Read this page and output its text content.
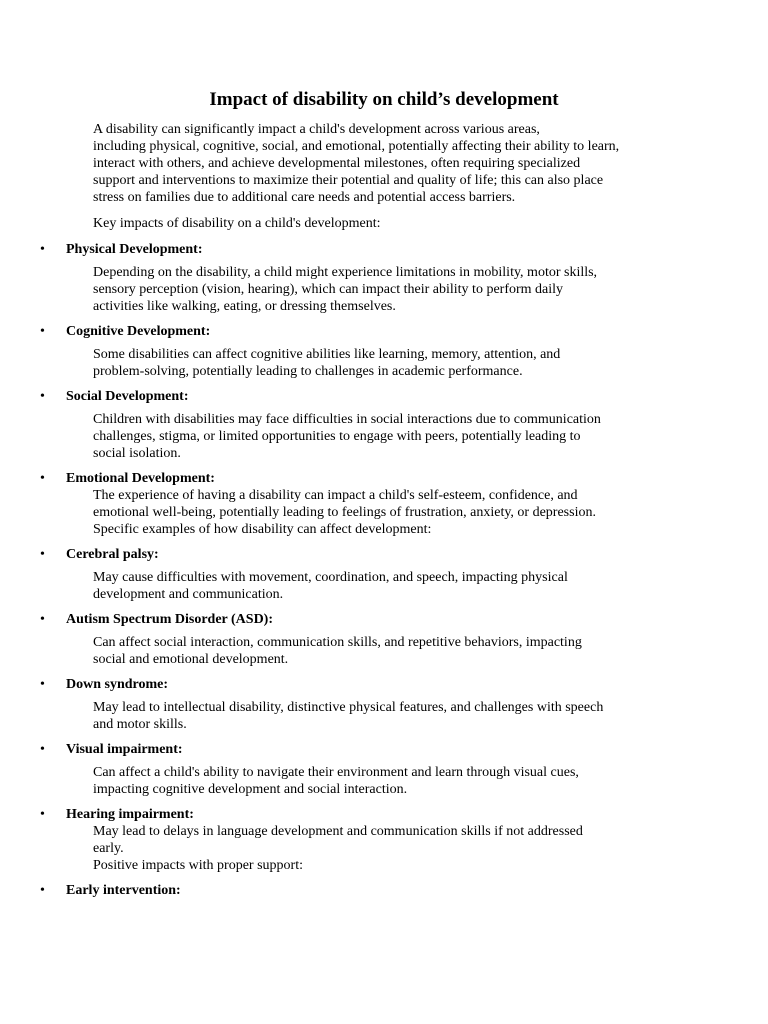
Impact of disability on child’s development
A disability can significantly impact a child's development across various areas,
including physical, cognitive, social, and emotional, potentially affecting their ability to learn,
interact with others, and achieve developmental milestones, often requiring specialized
support and interventions to maximize their potential and quality of life; this can also place
stress on families due to additional care needs and potential access barriers.
Key impacts of disability on a child's development:
• Physical Development:
Depending on the disability, a child might experience limitations in mobility, motor skills,
sensory perception (vision, hearing), which can impact their ability to perform daily
activities like walking, eating, or dressing themselves.
• Cognitive Development:
Some disabilities can affect cognitive abilities like learning, memory, attention, and
problem-solving, potentially leading to challenges in academic performance.
• Social Development:
Children with disabilities may face difficulties in social interactions due to communication
challenges, stigma, or limited opportunities to engage with peers, potentially leading to
social isolation.
• Emotional Development:
The experience of having a disability can impact a child's self-esteem, confidence, and
emotional well-being, potentially leading to feelings of frustration, anxiety, or depression.
Specific examples of how disability can affect development:
• Cerebral palsy:
May cause difficulties with movement, coordination, and speech, impacting physical
development and communication.
• Autism Spectrum Disorder (ASD):
Can affect social interaction, communication skills, and repetitive behaviors, impacting
social and emotional development.
• Down syndrome:
May lead to intellectual disability, distinctive physical features, and challenges with speech
and motor skills.
• Visual impairment:
Can affect a child's ability to navigate their environment and learn through visual cues,
impacting cognitive development and social interaction.
• Hearing impairment:
May lead to delays in language development and communication skills if not addressed
early.
Positive impacts with proper support:
• Early intervention:
